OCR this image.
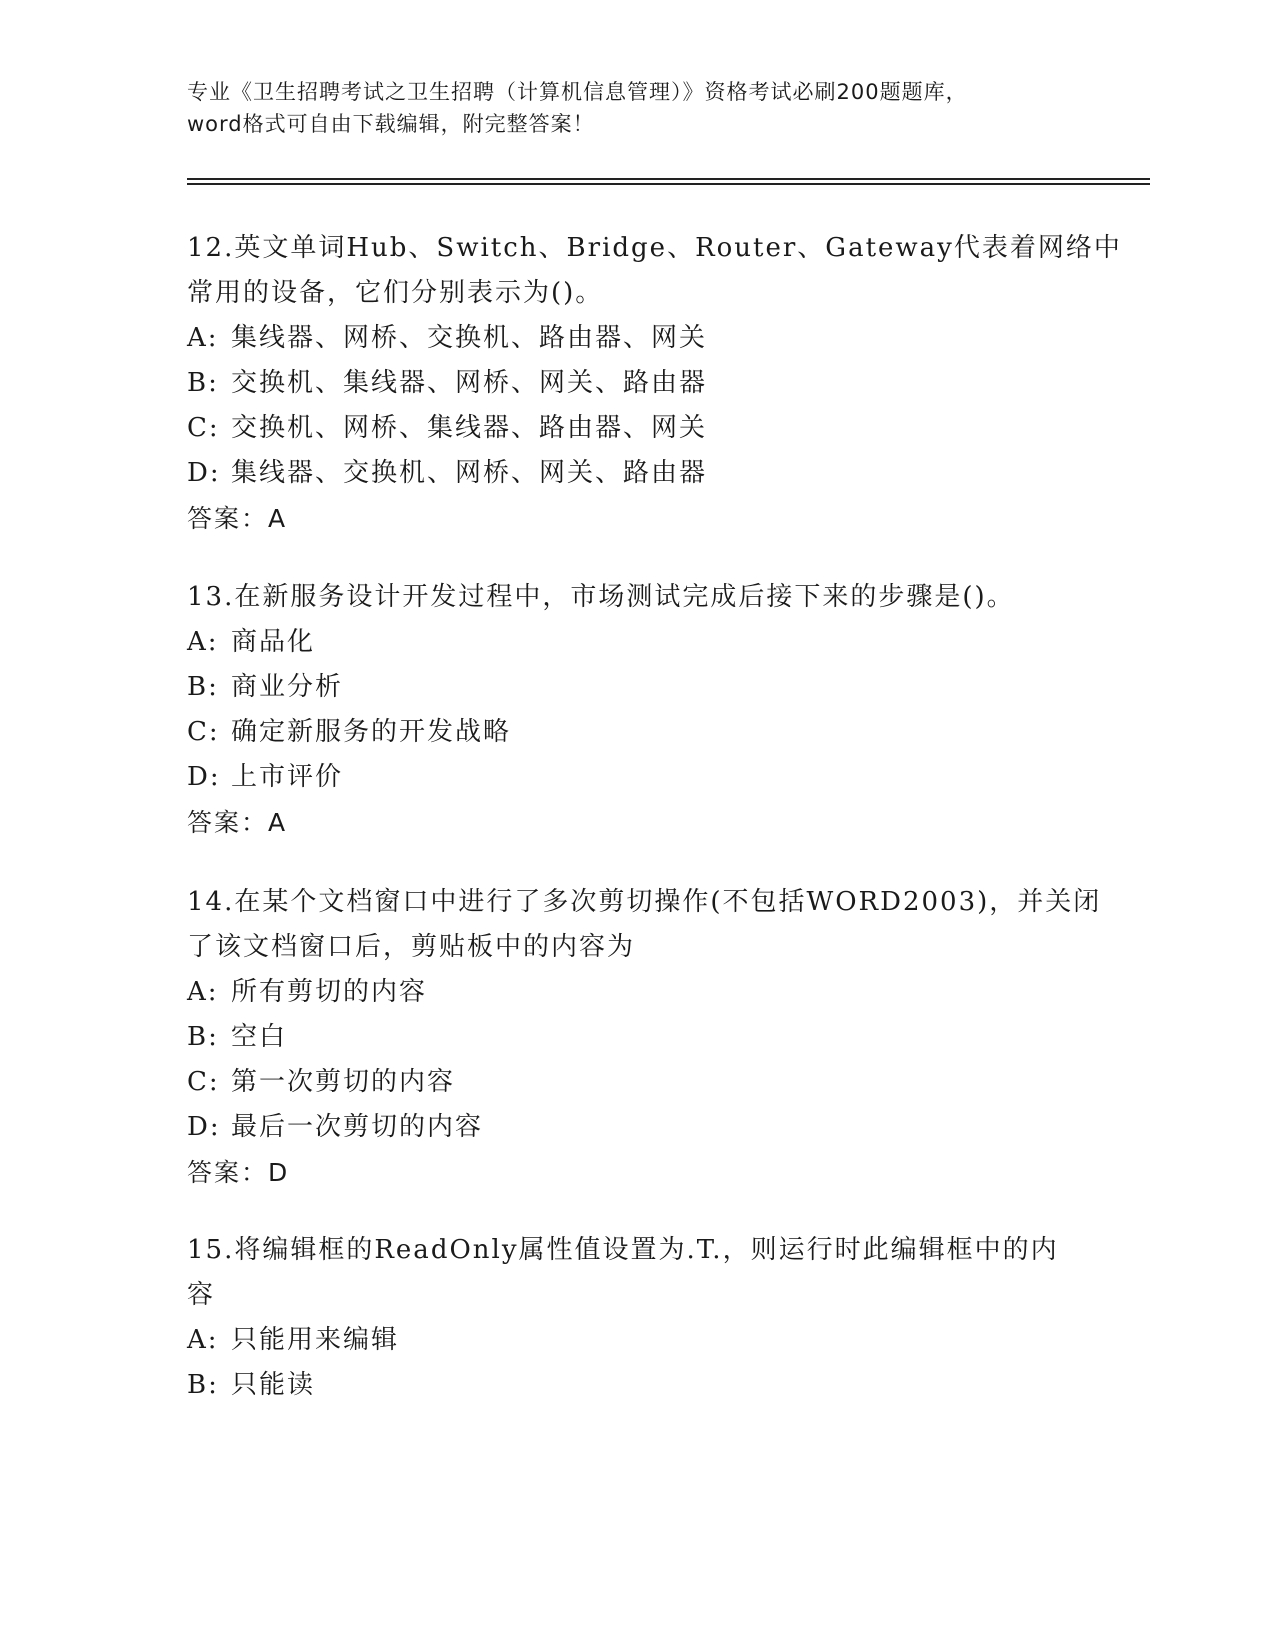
专业《卫生招聘考试之卫生招聘（计算机信息管理）》资格考试必刷200题题库，
word格式可自由下载编辑，附完整答案！
12.英文单词Hub、Switch、Bridge、Router、Gateway代表着网络中
常用的设备，它们分别表示为()。
A: 集线器、网桥、交换机、路由器、网关
B: 交换机、集线器、网桥、网关、路由器
C: 交换机、网桥、集线器、路由器、网关
D: 集线器、交换机、网桥、网关、路由器
答案：A
13.在新服务设计开发过程中，市场测试完成后接下来的步骤是()。
A: 商品化
B: 商业分析
C: 确定新服务的开发战略
D: 上市评价
答案：A
14.在某个文档窗口中进行了多次剪切操作(不包括WORD2003)，并关闭
了该文档窗口后，剪贴板中的内容为
A: 所有剪切的内容
B: 空白
C: 第一次剪切的内容
D: 最后一次剪切的内容
答案：D
15.将编辑框的ReadOnly属性值设置为.T.，则运行时此编辑框中的内
容
A: 只能用来编辑
B: 只能读
